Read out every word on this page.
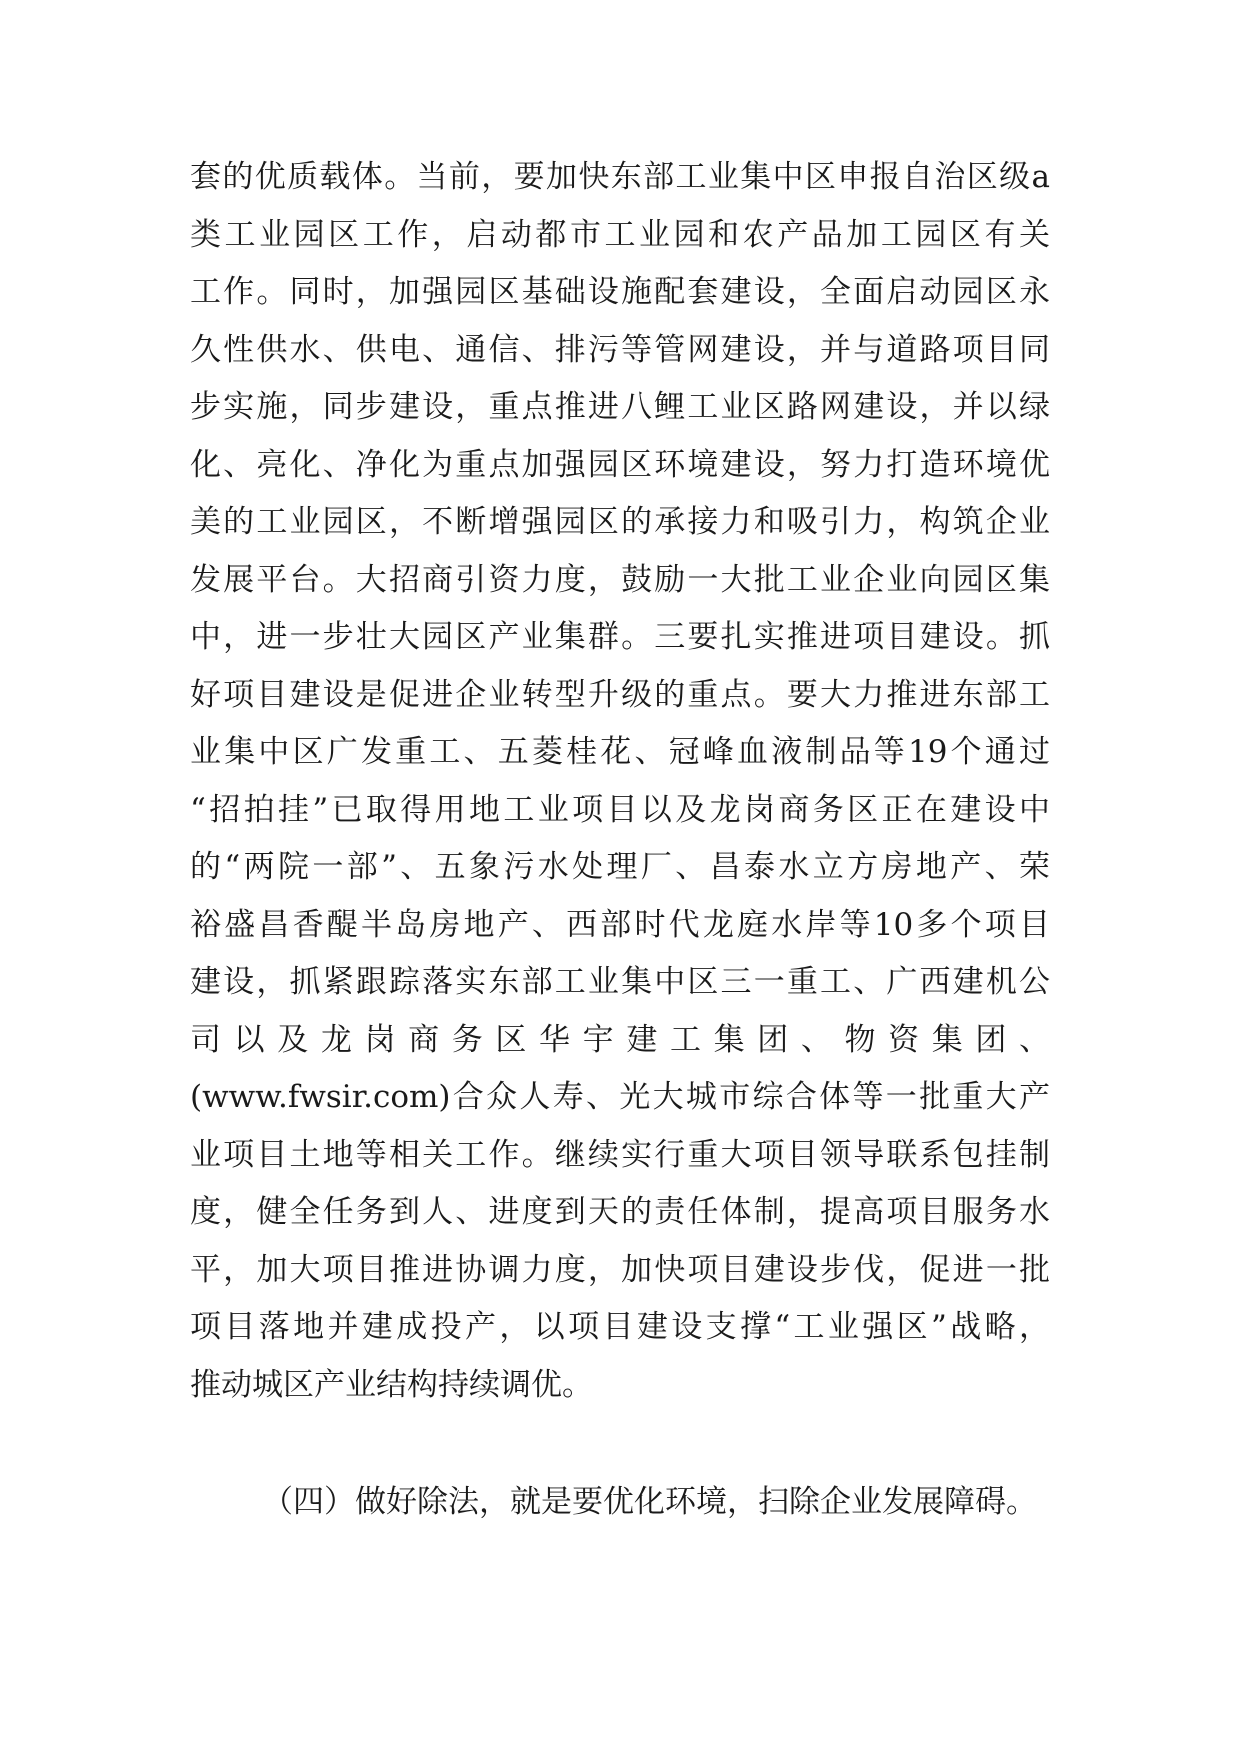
套的优质载体。当前，要加快东部工业集中区申报自治区级a
类工业园区工作，启动都市工业园和农产品加工园区有关
工作。同时，加强园区基础设施配套建设，全面启动园区永
久性供水、供电、通信、排污等管网建设，并与道路项目同
步实施，同步建设，重点推进八鲤工业区路网建设，并以绿
化、亮化、净化为重点加强园区环境建设，努力打造环境优
美的工业园区，不断增强园区的承接力和吸引力，构筑企业
发展平台。大招商引资力度，鼓励一大批工业企业向园区集
中，进一步壮大园区产业集群。三要扎实推进项目建设。抓
好项目建设是促进企业转型升级的重点。要大力推进东部工
业集中区广发重工、五菱桂花、冠峰血液制品等19个通过
“招拍挂”已取得用地工业项目以及龙岗商务区正在建设中
的“两院一部”、五象污水处理厂、昌泰水立方房地产、荣
裕盛昌香醍半岛房地产、西部时代龙庭水岸等10多个项目
建设，抓紧跟踪落实东部工业集中区三一重工、广西建机公
司以及龙岗商务区华宇建工集团、物资集团、
(www.fwsir.com)合众人寿、光大城市综合体等一批重大产
业项目土地等相关工作。继续实行重大项目领导联系包挂制
度，健全任务到人、进度到天的责任体制，提高项目服务水
平，加大项目推进协调力度，加快项目建设步伐，促进一批
项目落地并建成投产，以项目建设支撑“工业强区”战略，
推动城区产业结构持续调优。
（四）做好除法，就是要优化环境，扫除企业发展障碍。
